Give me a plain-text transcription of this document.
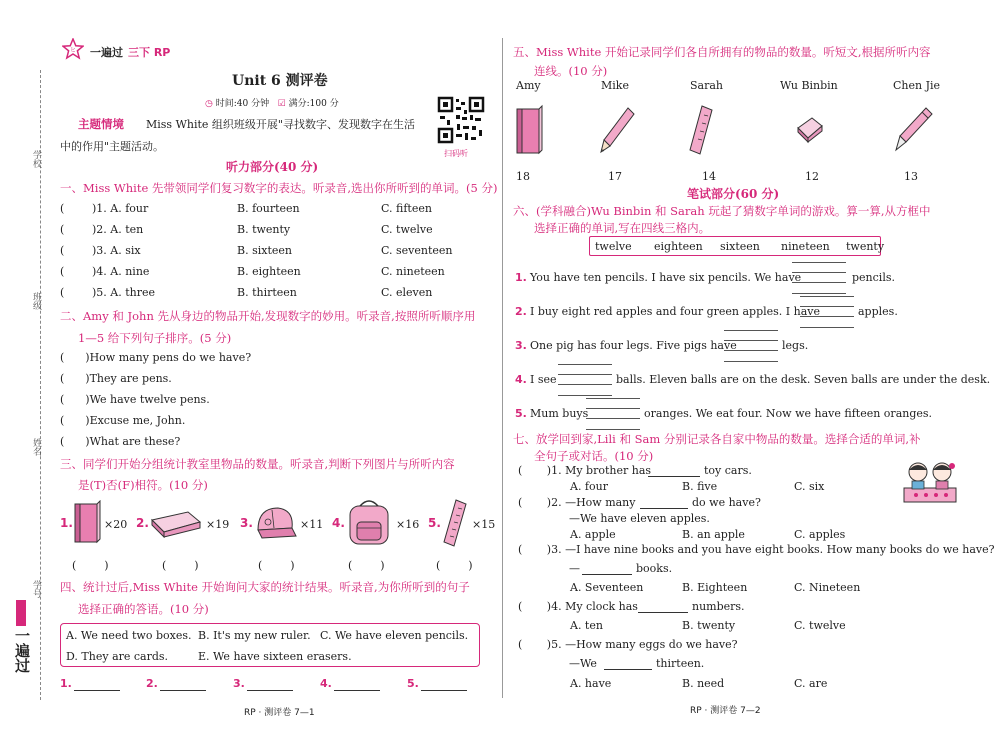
学校
班级
姓名
学号
一遍过
ヒ 一遍过 三下 RP
Unit 6 测评卷
◷ 时间:40 分钟 ☑ 满分:100 分
扫码听
主题情境 Miss White 组织班级开展"寻找数字、发现数字在生活
中的作用"主题活动。
听力部分(40 分)
一、Miss White 先带领同学们复习数字的表达。听录音,选出你所听到的单词。(5 分)
(	)1. A. four	B. fourteen	C. fifteen
(	)2. A. ten	B. twenty	C. twelve
(	)3. A. six	B. sixteen	C. seventeen
(	)4. A. nine	B. eighteen	C. nineteen
(	)5. A. three	B. thirteen	C. eleven
二、Amy 和 John 先从身边的物品开始,发现数字的妙用。听录音,按照所听顺序用
1—5 给下列句子排序。(5 分)
(      )How many pens do we have?
(      )They are pens.
(      )We have twelve pens.
(      )Excuse me, John.
(      )What are these?
三、同学们开始分组统计教室里物品的数量。听录音,判断下列图片与所听内容
是(T)否(F)相符。(10 分)
1.	×20 2.	×19 3.	×11 4.	×16 5.	×15
(        )	(        )	(        )	(        )	(        )
四、统计过后,Miss White 开始询问大家的统计结果。听录音,为你所听到的句子
选择正确的答语。(10 分)
A. We need two boxes. B. It's my new ruler. C. We have eleven pencils.
D. They are cards.	E. We have sixteen erasers.
1.	2.	3.	4.	5.
RP · 测评卷 7—1
五、Miss White 开始记录同学们各自所拥有的物品的数量。听短文,根据所听内容
连线。(10 分)
Amy	Mike	Sarah	Wu Binbin	Chen Jie
18	17	14	12	13
笔试部分(60 分)
六、(学科融合)Wu Binbin 和 Sarah 玩起了猜数字单词的游戏。算一算,从方框中
选择正确的单词,写在四线三格内。
twelve eighteen sixteen nineteen twenty
1. You have ten pencils. I have six pencils. We have	pencils.
2. I buy eight red apples and four green apples. I have	apples.
3. One pig has four legs. Five pigs have	legs.
4. I see	balls. Eleven balls are on the desk. Seven balls are under the desk.
5. Mum buys	oranges. We eat four. Now we have fifteen oranges.
七、放学回到家,Lili 和 Sam 分别记录各自家中物品的数量。选择合适的单词,补
全句子或对话。(10 分)
(       )1. My brother has	toy cars.
A. four	B. five	C. six
(       )2. —How many	do we have?
—We have eleven apples.
A. apple	B. an apple	C. apples
(       )3. —I have nine books and you have eight books. How many books do we have?
—	books.
A. Seventeen	B. Eighteen	C. Nineteen
(       )4. My clock has	numbers.
A. ten	B. twenty	C. twelve
(       )5. —How many eggs do we have?
—We	thirteen.
A. have	B. need	C. are
RP · 测评卷 7—2
